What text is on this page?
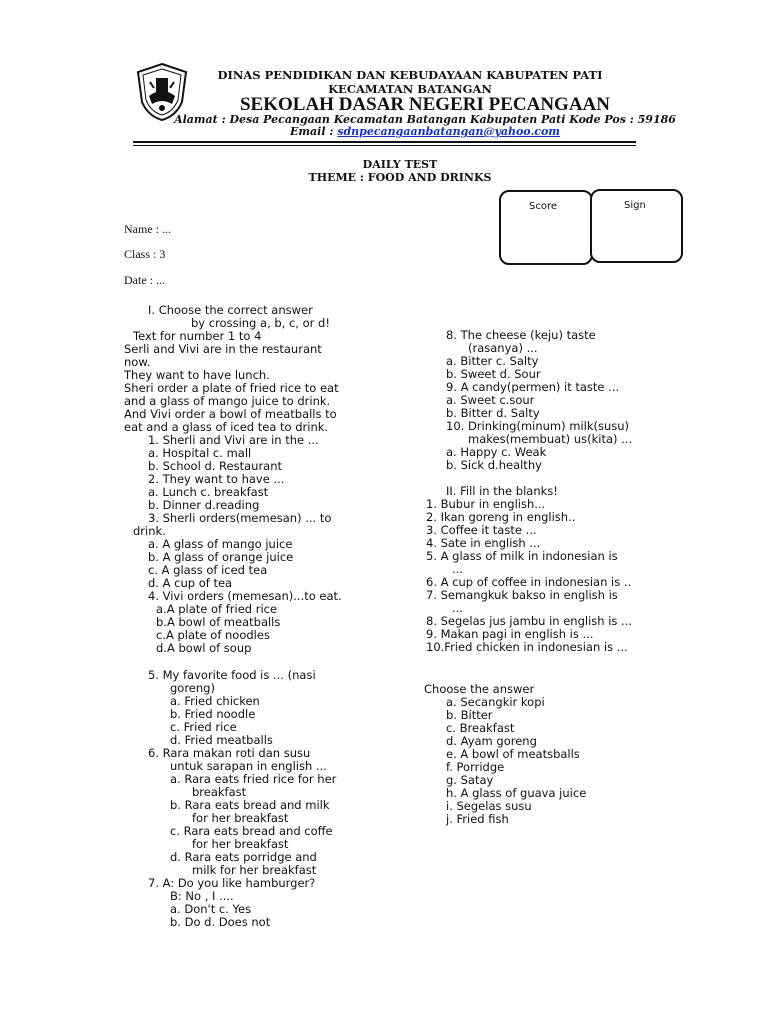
DINAS PENDIDIKAN DAN KEBUDAYAAN KABUPATEN PATI
KECAMATAN BATANGAN
SEKOLAH DASAR NEGERI PECANGAAN
Alamat : Desa Pecangaan Kecamatan Batangan Kabupaten Pati Kode Pos : 59186
Email : sdnpecangaanbatangan@yahoo.com
DAILY TEST
THEME : FOOD AND DRINKS
Score	Sign
Name : ...
Class : 3
Date : ...
I. Choose the correct answer
by crossing a, b, c, or d!
Text for number 1 to 4
Serli and Vivi are in the restaurant
now.
They want to have lunch.
Sheri order a plate of fried rice to eat
and a glass of mango juice to drink.
And Vivi order a bowl of meatballs to
eat and a glass of iced tea to drink.
1. Sherli and Vivi are in the ...
a. Hospital c. mall
b. School d. Restaurant
2. They want to have ...
a. Lunch c. breakfast
b. Dinner d.reading
3. Sherli orders(memesan) ... to
drink.
a. A glass of mango juice
b. A glass of orange juice
c. A glass of iced tea
d. A cup of tea
4. Vivi orders (memesan)...to eat.
a.A plate of fried rice
b.A bowl of meatballs
c.A plate of noodles
d.A bowl of soup
5. My favorite food is ... (nasi
goreng)
a. Fried chicken
b. Fried noodle
c. Fried rice
d. Fried meatballs
6. Rara makan roti dan susu
untuk sarapan in english ...
a. Rara eats fried rice for her
breakfast
b. Rara eats bread and milk
for her breakfast
c. Rara eats bread and coffe
for her breakfast
d. Rara eats porridge and
milk for her breakfast
7. A: Do you like hamburger?
B: No , I ....
a. Don't c. Yes
b. Do d. Does not
8. The cheese (keju) taste
(rasanya) ...
a. Bitter c. Salty
b. Sweet d. Sour
9. A candy(permen) it taste ...
a. Sweet c.sour
b. Bitter d. Salty
10. Drinking(minum) milk(susu)
makes(membuat) us(kita) ...
a. Happy c. Weak
b. Sick d.healthy
II. Fill in the blanks!
1. Bubur in english...
2. Ikan goreng in english..
3. Coffee it taste ...
4. Sate in english ...
5. A glass of milk in indonesian is
...
6. A cup of coffee in indonesian is ..
7. Semangkuk bakso in english is
...
8. Segelas jus jambu in english is ...
9. Makan pagi in english is ...
10.Fried chicken in indonesian is ...
Choose the answer
a. Secangkir kopi
b. Bitter
c. Breakfast
d. Ayam goreng
e. A bowl of meatsballs
f. Porridge
g. Satay
h. A glass of guava juice
i. Segelas susu
j. Fried fish
